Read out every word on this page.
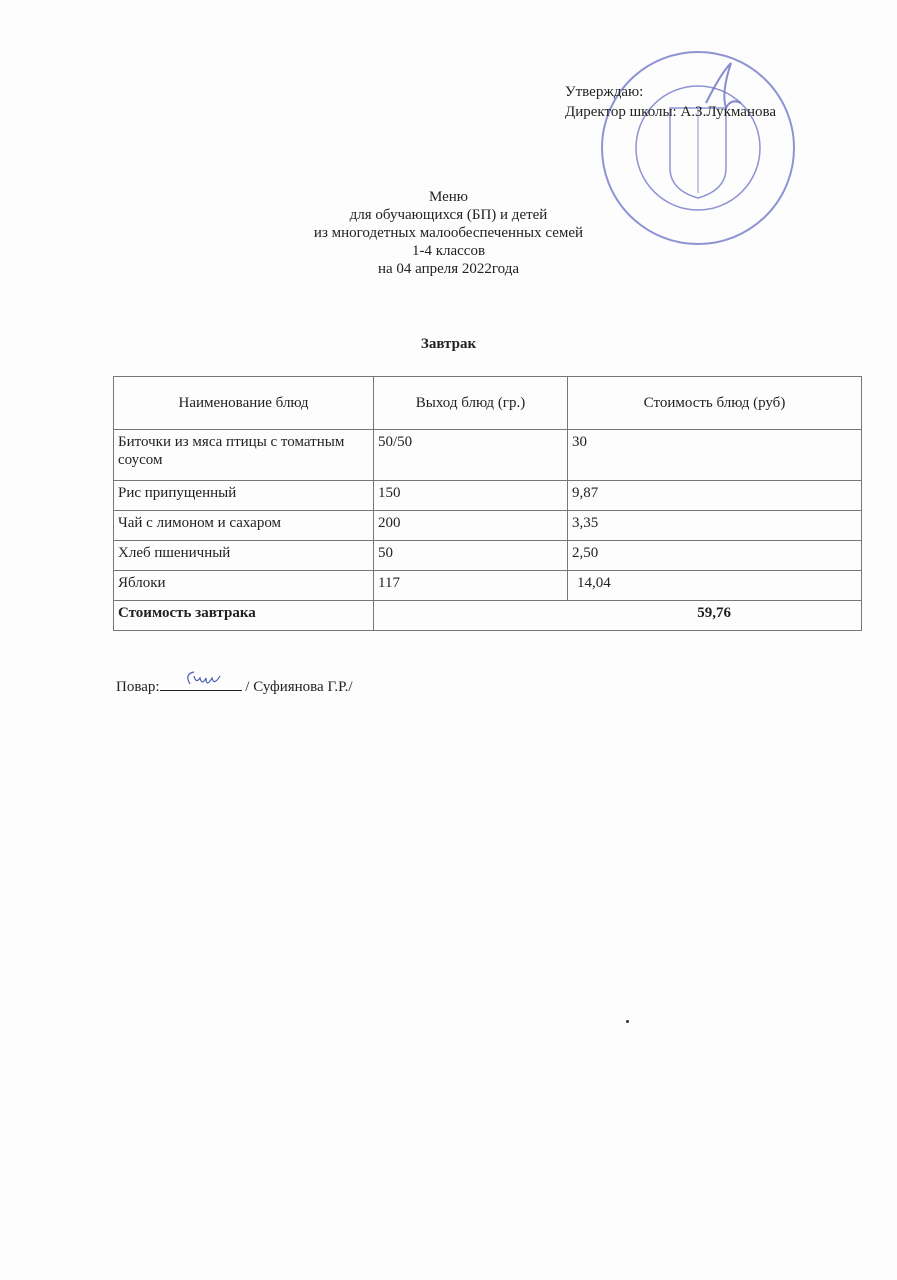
Утверждаю:
Директор школы: А.З.Лукманова
Меню
для обучающихся (БП) и детей
из многодетных малообеспеченных семей
1-4 классов
на 04 апреля 2022года
Завтрак
Наименование блюд	Выход блюд (гр.)	Стоимость блюд (руб)
Биточки из мяса птицы с томатным соусом	50/50	30
Рис припущенный	150	9,87
Чай с лимоном и сахаром	200	3,35
Хлеб пшеничный	50	2,50
Яблоки	117	14,04
Стоимость завтрака	59,76	
Повар:	/ Суфиянова Г.Р./
